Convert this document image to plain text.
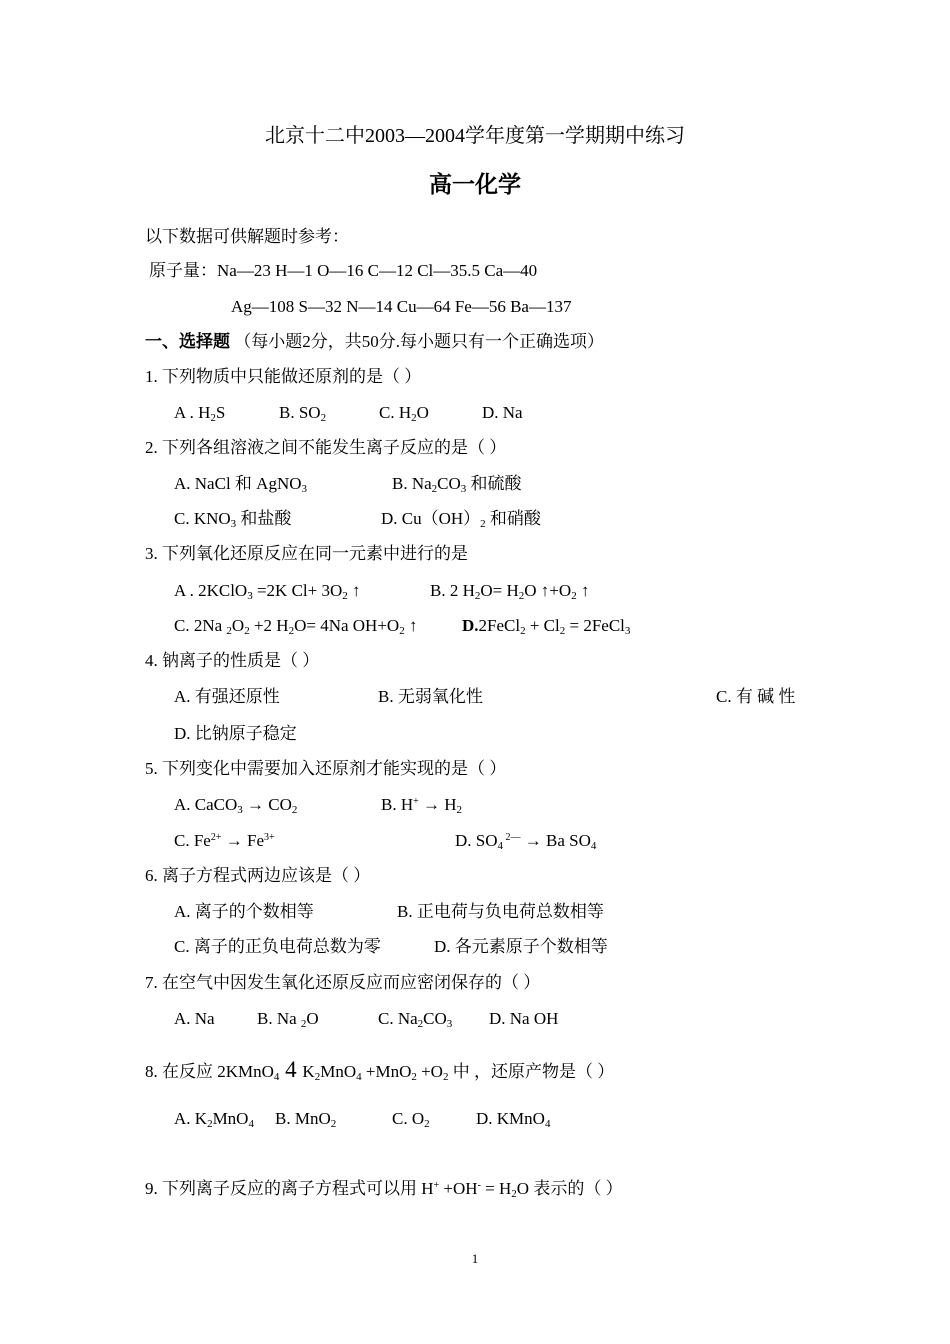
北京十二中2003—2004学年度第一学期期中练习
高一化学
以下数据可供解题时参考：
原子量：Na—23 H—1 O—16 C—12 Cl—35.5 Ca—40
Ag—108 S—32 N—14 Cu—64 Fe—56 Ba—137
一、选择题 （每小题2分，共50分.每小题只有一个正确选项）
1. 下列物质中只能做还原剂的是（ ）
A . $H_2S$	B. $SO_2$	C. $H_2O$	D. Na
2. 下列各组溶液之间不能发生离子反应的是（ ）
A. NaCl 和 AgNO$_3$	B. $Na_2CO_3$ 和硫酸
C. $KNO_3$ 和盐酸	D. $Cu(OH)_2$ 和硝酸
3. 下列氧化还原反应在同一元素中进行的是
A . 2KClO$_3$ =2K $Cl+ 3O_2$ ↑	B. 2 $H_2O= H_2O$ $↑+O_2$ ↑
C. 2Na $_2O_2 +2$ $H_2O= 4Na$ $OH+O_2$ ↑	D.2FeCl$_2$ + $Cl_2$ = 2FeCl$_3$
4. 钠离子的性质是（ ）
A. 有强还原性	B. 无弱氧化性	C. 有 碱 性
D. 比钠原子稳定
5. 下列变化中需要加入还原剂才能实现的是（ ）
A. CaCO$_3$ → $CO_2$	B. $H^+ \to H_2$
C. $Fe^{2+} \to Fe^{3+}$	D. $SO_4$ $^{2—}$ → Ba $SO_4$
6. 离子方程式两边应该是（ ）
A. 离子的个数相等	B. 正电荷与负电荷总数相等
C. 离子的正负电荷总数为零	D. 各元素原子个数相等
7. 在空气中因发生氧化还原反应而应密闭保存的（ ）
A. Na B. Na $_2$O	C. $Na_2CO_3$ D. Na OH
8. 在反应 2KMnO$_4$ 4 $K_2MnO_4 +MnO_2 +O_2$ 中 ，还原产物是（ ）
A. $K_2MnO_4$ B. MnO$_2$	C. $O_2$	D. KMnO$_4$
9. 下列离子反应的离子方程式可以用 $H^+ +OH^- = H_2O$ 表示的（ ）
1
